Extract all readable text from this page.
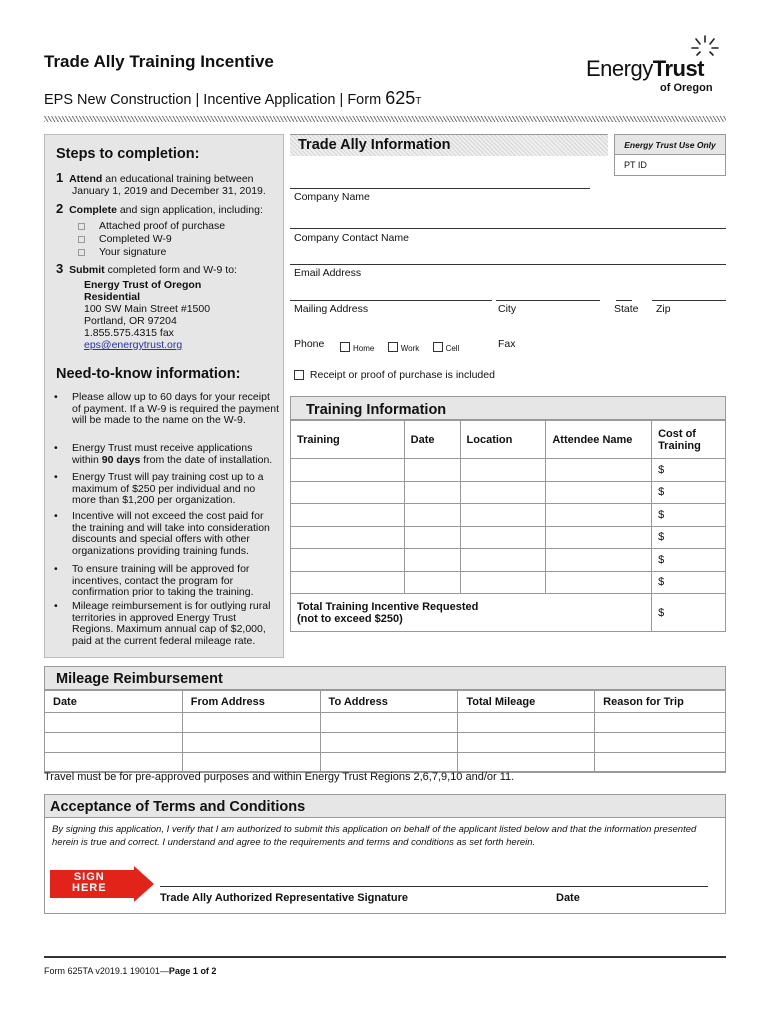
Trade Ally Training Incentive
EPS New Construction | Incentive Application | Form 625T
EnergyTrust
of Oregon
Steps to completion:
1 Attend an educational training between
January 1, 2019 and December 31, 2019.
2 Complete and sign application, including:
Attached proof of purchase
Completed W-9
Your signature
3 Submit completed form and W-9 to:
Energy Trust of Oregon
Residential
100 SW Main Street #1500
Portland, OR 97204
1.855.575.4315 fax
eps@energytrust.org
Need-to-know information:
• Please allow up to 60 days for your receipt of payment. If a W-9 is required the payment will be made to the name on the W-9.
• Energy Trust must receive applications within 90 days from the date of installation.
• Energy Trust will pay training cost up to a maximum of $250 per individual and no more than $1,200 per organization.
• Incentive will not exceed the cost paid for the training and will take into consideration discounts and special offers with other organizations providing training funds.
• To ensure training will be approved for incentives, contact the program for confirmation prior to taking the training.
• Mileage reimbursement is for outlying rural territories in approved Energy Trust Regions. Maximum annual cap of $2,000, paid at the current federal mileage rate.
Trade Ally Information	Energy Trust Use Only
PT ID
Company Name
Company Contact Name
Email Address
Mailing Address	City	State Zip
Phone	Home	Work	Cell	Fax
Receipt or proof of purchase is included
Training Information
Training	Date	Location	Attendee Name	Cost of Training
				$
				$
				$
				$
				$
				$
Total Training Incentive Requested
(not to exceed $250)				$
Mileage Reimbursement
Date	From Address	To Address	Total Mileage	Reason for Trip

Travel must be for pre-approved purposes and within Energy Trust Regions 2,6,7,9,10 and/or 11.
Acceptance of Terms and Conditions
By signing this application, I verify that I am authorized to submit this application on behalf of the applicant listed below and that the information presented herein is true and correct. I understand and agree to the requirements and terms and conditions as set forth herein.
SIGN
HERE
Trade Ally Authorized Representative Signature	Date
Form 625TA v2019.1 190101—Page 1 of 2
